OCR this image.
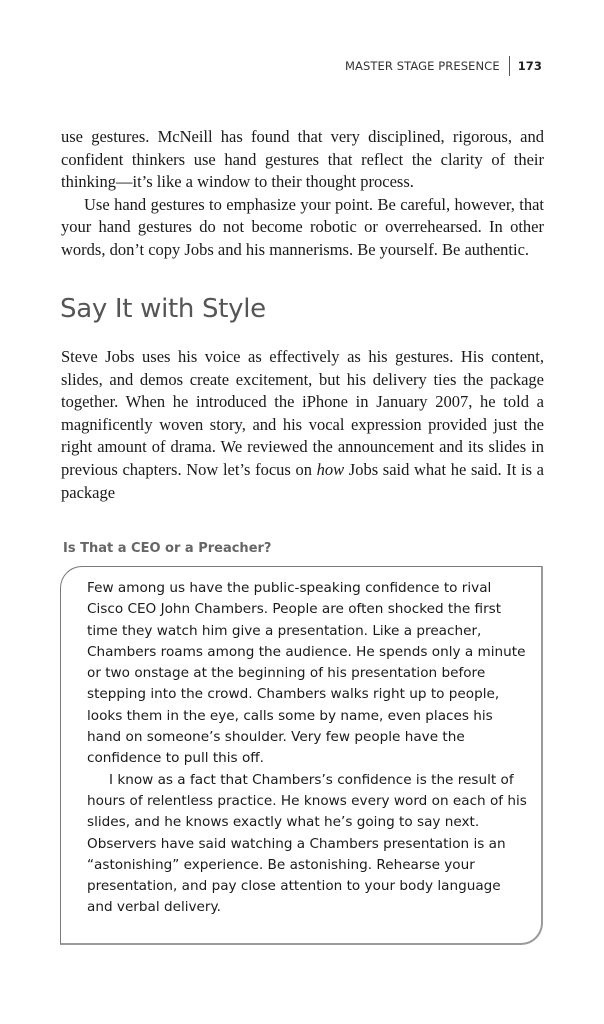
MASTER STAGE PRESENCE 173

use gestures. McNeill has found that very disciplined, rigorous, and confident thinkers use hand gestures that reflect the clarity of their thinking—it’s like a window to their thought process.

Use hand gestures to emphasize your point. Be careful, however, that your hand gestures do not become robotic or overrehearsed. In other words, don’t copy Jobs and his mannerisms. Be yourself. Be authentic.

Say It with Style

Steve Jobs uses his voice as effectively as his gestures. His content, slides, and demos create excitement, but his delivery ties the package together. When he introduced the iPhone in January 2007, he told a magnificently woven story, and his vocal expression provided just the right amount of drama. We reviewed the announcement and its slides in previous chapters. Now let’s focus on how Jobs said what he said. It is a package

Is That a CEO or a Preacher?

Few among us have the public-speaking confidence to rival Cisco CEO John Chambers. People are often shocked the first time they watch him give a presentation. Like a preacher, Chambers roams among the audience. He spends only a minute or two onstage at the beginning of his presentation before stepping into the crowd. Chambers walks right up to people, looks them in the eye, calls some by name, even places his hand on someone’s shoulder. Very few people have the confidence to pull this off.

I know as a fact that Chambers’s confidence is the result of hours of relentless practice. He knows every word on each of his slides, and he knows exactly what he’s going to say next. Observers have said watching a Chambers presentation is an “astonishing” experience. Be astonishing. Rehearse your presentation, and pay close attention to your body language and verbal delivery.
